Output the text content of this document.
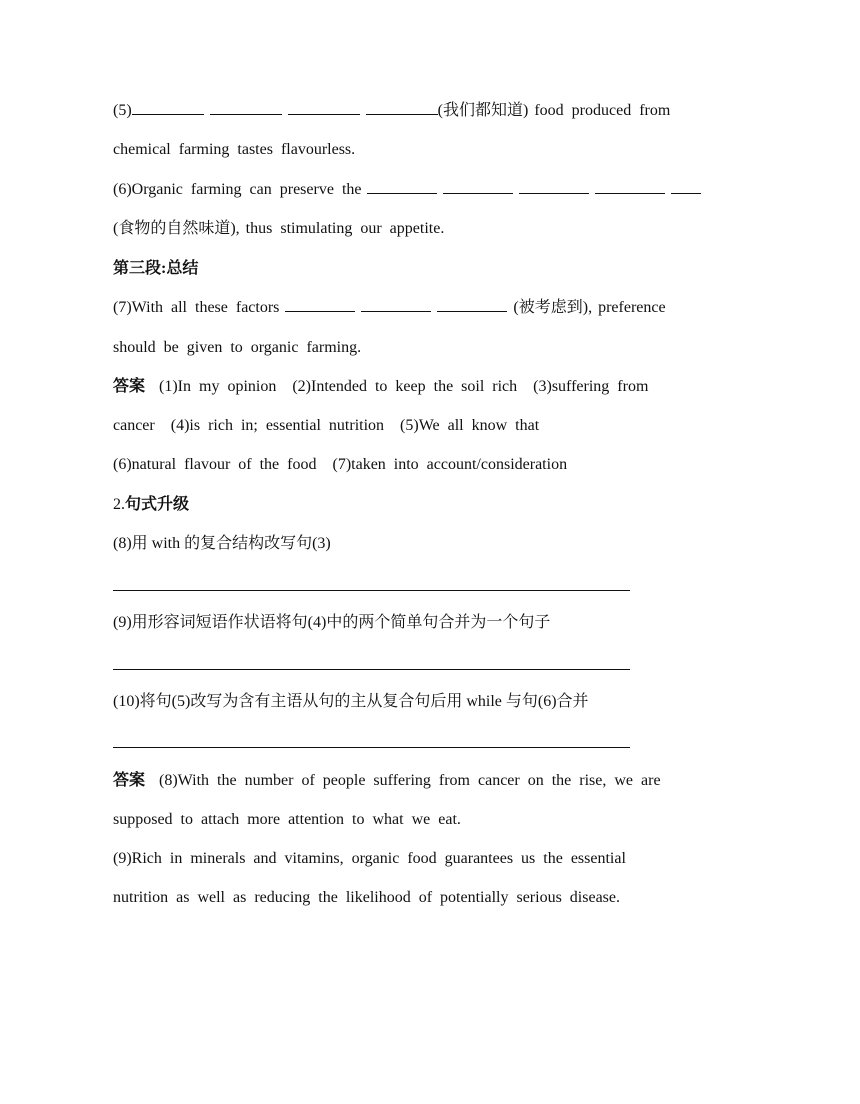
(5)	(我们都知道) food  produced  from
chemical  farming  tastes  flavourless.
(6)Organic  farming  can  preserve  the
(食物的自然味道), thus  stimulating  our  appetite.
第三段:总结
(7)With  all  these  factors	(被考虑到), preference
should  be  given  to  organic  farming.
答案 (1)In  my  opinion    (2)Intended  to  keep  the  soil  rich    (3)suffering  from
cancer    (4)is  rich  in;  essential  nutrition    (5)We  all  know  that
(6)natural  flavour  of  the  food    (7)taken  into  account/consideration
2.句式升级
(8)用 with 的复合结构改写句(3)
(9)用形容词短语作状语将句(4)中的两个简单句合并为一个句子
(10)将句(5)改写为含有主语从句的主从复合句后用 while 与句(6)合并
答案 (8)With  the  number  of  people  suffering  from  cancer  on  the  rise,  we  are
supposed  to  attach  more  attention  to  what  we  eat.
(9)Rich  in  minerals  and  vitamins,  organic  food  guarantees  us  the  essential
nutrition  as  well  as  reducing  the  likelihood  of  potentially  serious  disease.
